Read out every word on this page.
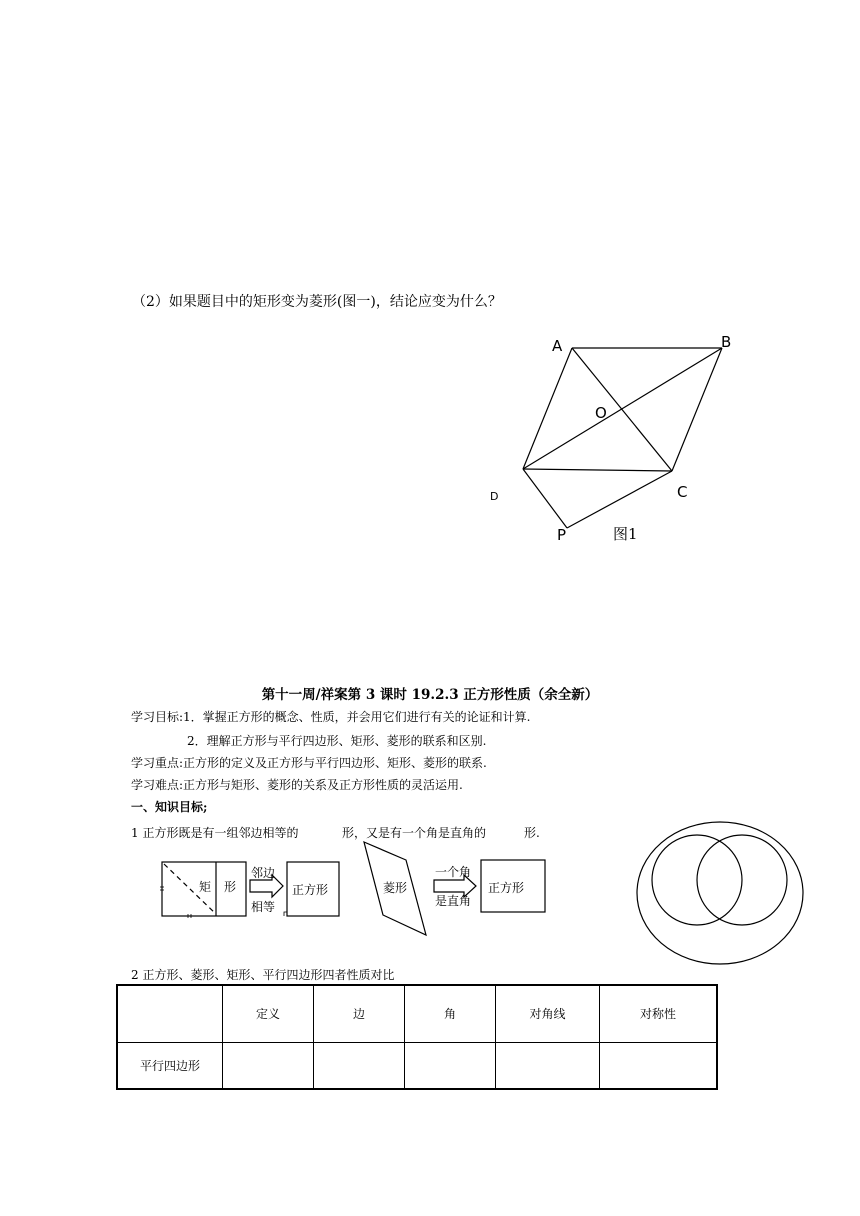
（2）如果题目中的矩形变为菱形(图一)，结论应变为什么？
A	B
O
C
D
P	图1
第十一周/祥案第 3 课时 19.2.3 正方形性质（余全新）
学习目标:1．掌握正方形的概念、性质，并会用它们进行有关的论证和计算.
2．理解正方形与平行四边形、矩形、菱形的联系和区别.
学习重点:正方形的定义及正方形与平行四边形、矩形、菱形的联系.
学习难点:正方形与矩形、菱形的关系及正方形性质的灵活运用.
一、知识目标;
1 正方形既是有一组邻边相等的	形，又是有一个角是直角的	形.
矩 形
邻边
相等
正方形	菱形
一个角
是直角
正方形
2 正方形、菱形、矩形、平行四边形四者性质对比
	定义	边	角	对角线	对称性
平行四边形					
